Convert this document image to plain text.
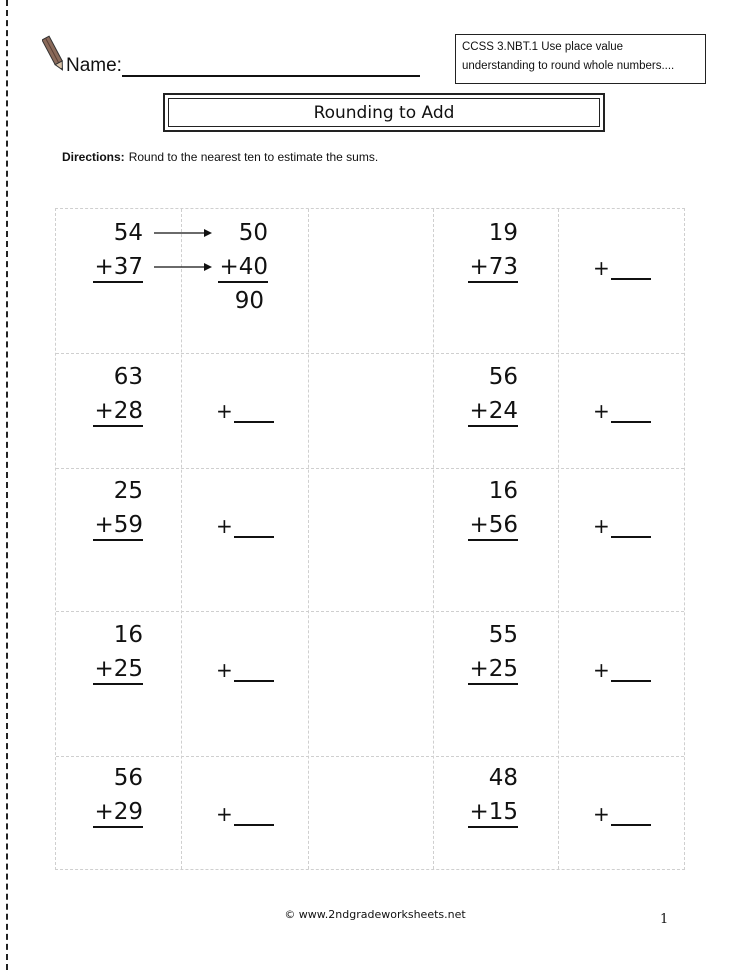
Name:
CCSS 3.NBT.1 Use place value
understanding to round whole numbers....
Rounding to Add
Directions: Round to the nearest ten to estimate the sums.
54
+37
50
+40
90
63
+28	+
25
+59	+
16
+25	+
56
+29	+
19
+73	+
56
+24	+
16
+56	+
55
+25	+
48
+15	+
© www.2ndgradeworksheets.net	1
